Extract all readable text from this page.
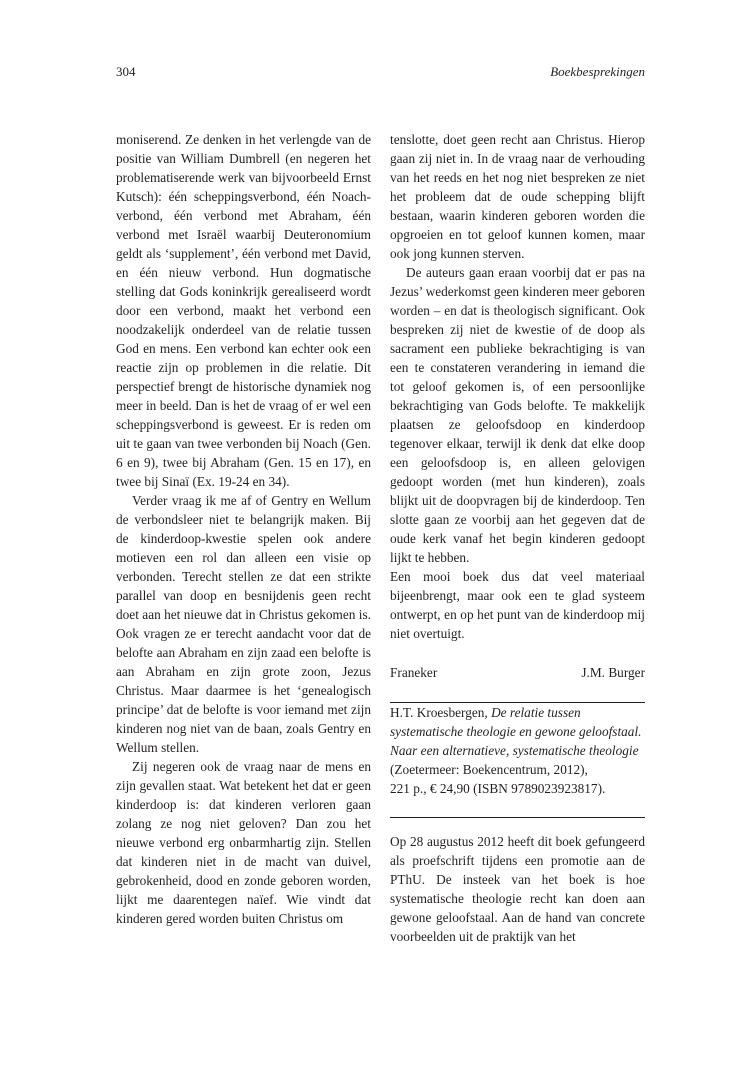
304	Boekbesprekingen

moniserend. Ze denken in het verlengde van de positie van William Dumbrell (en negeren het problematiserende werk van bijvoorbeeld Ernst Kutsch): één scheppingsverbond, één Noach-verbond, één verbond met Abraham, één verbond met Israël waarbij Deuteronomium geldt als ‘supplement’, één verbond met David, en één nieuw verbond. Hun dogmatische stelling dat Gods koninkrijk gerealiseerd wordt door een verbond, maakt het verbond een noodzakelijk onderdeel van de relatie tussen God en mens. Een verbond kan echter ook een reactie zijn op problemen in die relatie. Dit perspectief brengt de historische dynamiek nog meer in beeld. Dan is het de vraag of er wel een scheppingsverbond is geweest. Er is reden om uit te gaan van twee verbonden bij Noach (Gen. 6 en 9), twee bij Abraham (Gen. 15 en 17), en twee bij Sinaï (Ex. 19-24 en 34).

Verder vraag ik me af of Gentry en Wellum de verbondsleer niet te belangrijk maken. Bij de kinderdoop-kwestie spelen ook andere motieven een rol dan alleen een visie op verbonden. Terecht stellen ze dat een strikte parallel van doop en besnijdenis geen recht doet aan het nieuwe dat in Christus gekomen is. Ook vragen ze er terecht aandacht voor dat de belofte aan Abraham en zijn zaad een belofte is aan Abraham en zijn grote zoon, Jezus Christus. Maar daarmee is het ‘genealogisch principe’ dat de belofte is voor iemand met zijn kinderen nog niet van de baan, zoals Gentry en Wellum stellen.

Zij negeren ook de vraag naar de mens en zijn gevallen staat. Wat betekent het dat er geen kinderdoop is: dat kinderen verloren gaan zolang ze nog niet geloven? Dan zou het nieuwe verbond erg onbarmhartig zijn. Stellen dat kinderen niet in de macht van duivel, gebrokenheid, dood en zonde geboren worden, lijkt me daarentegen naïef. Wie vindt dat kinderen gered worden buiten Christus om

tenslotte, doet geen recht aan Christus. Hierop gaan zij niet in. In de vraag naar de verhouding van het reeds en het nog niet bespreken ze niet het probleem dat de oude schepping blijft bestaan, waarin kinderen geboren worden die opgroeien en tot geloof kunnen komen, maar ook jong kunnen sterven.

De auteurs gaan eraan voorbij dat er pas na Jezus’ wederkomst geen kinderen meer geboren worden – en dat is theologisch significant. Ook bespreken zij niet de kwestie of de doop als sacrament een publieke bekrachtiging is van een te constateren verandering in iemand die tot geloof gekomen is, of een persoonlijke bekrachtiging van Gods belofte. Te makkelijk plaatsen ze geloofsdoop en kinderdoop tegenover elkaar, terwijl ik denk dat elke doop een geloofsdoop is, en alleen gelovigen gedoopt worden (met hun kinderen), zoals blijkt uit de doopvragen bij de kinderdoop. Ten slotte gaan ze voorbij aan het gegeven dat de oude kerk vanaf het begin kinderen gedoopt lijkt te hebben.

Een mooi boek dus dat veel materiaal bijeenbrengt, maar ook een te glad systeem ontwerpt, en op het punt van de kinderdoop mij niet overtuigt.

Franeker	J.M. Burger

H.T. Kroesbergen, De relatie tussen systematische theologie en gewone geloofstaal.
Naar een alternatieve, systematische theologie
(Zoetermeer: Boekencentrum, 2012),
221 p., € 24,90 (ISBN 9789023923817).

Op 28 augustus 2012 heeft dit boek gefungeerd als proefschrift tijdens een promotie aan de PThU. De insteek van het boek is hoe systematische theologie recht kan doen aan gewone geloofstaal. Aan de hand van concrete voorbeelden uit de praktijk van het
